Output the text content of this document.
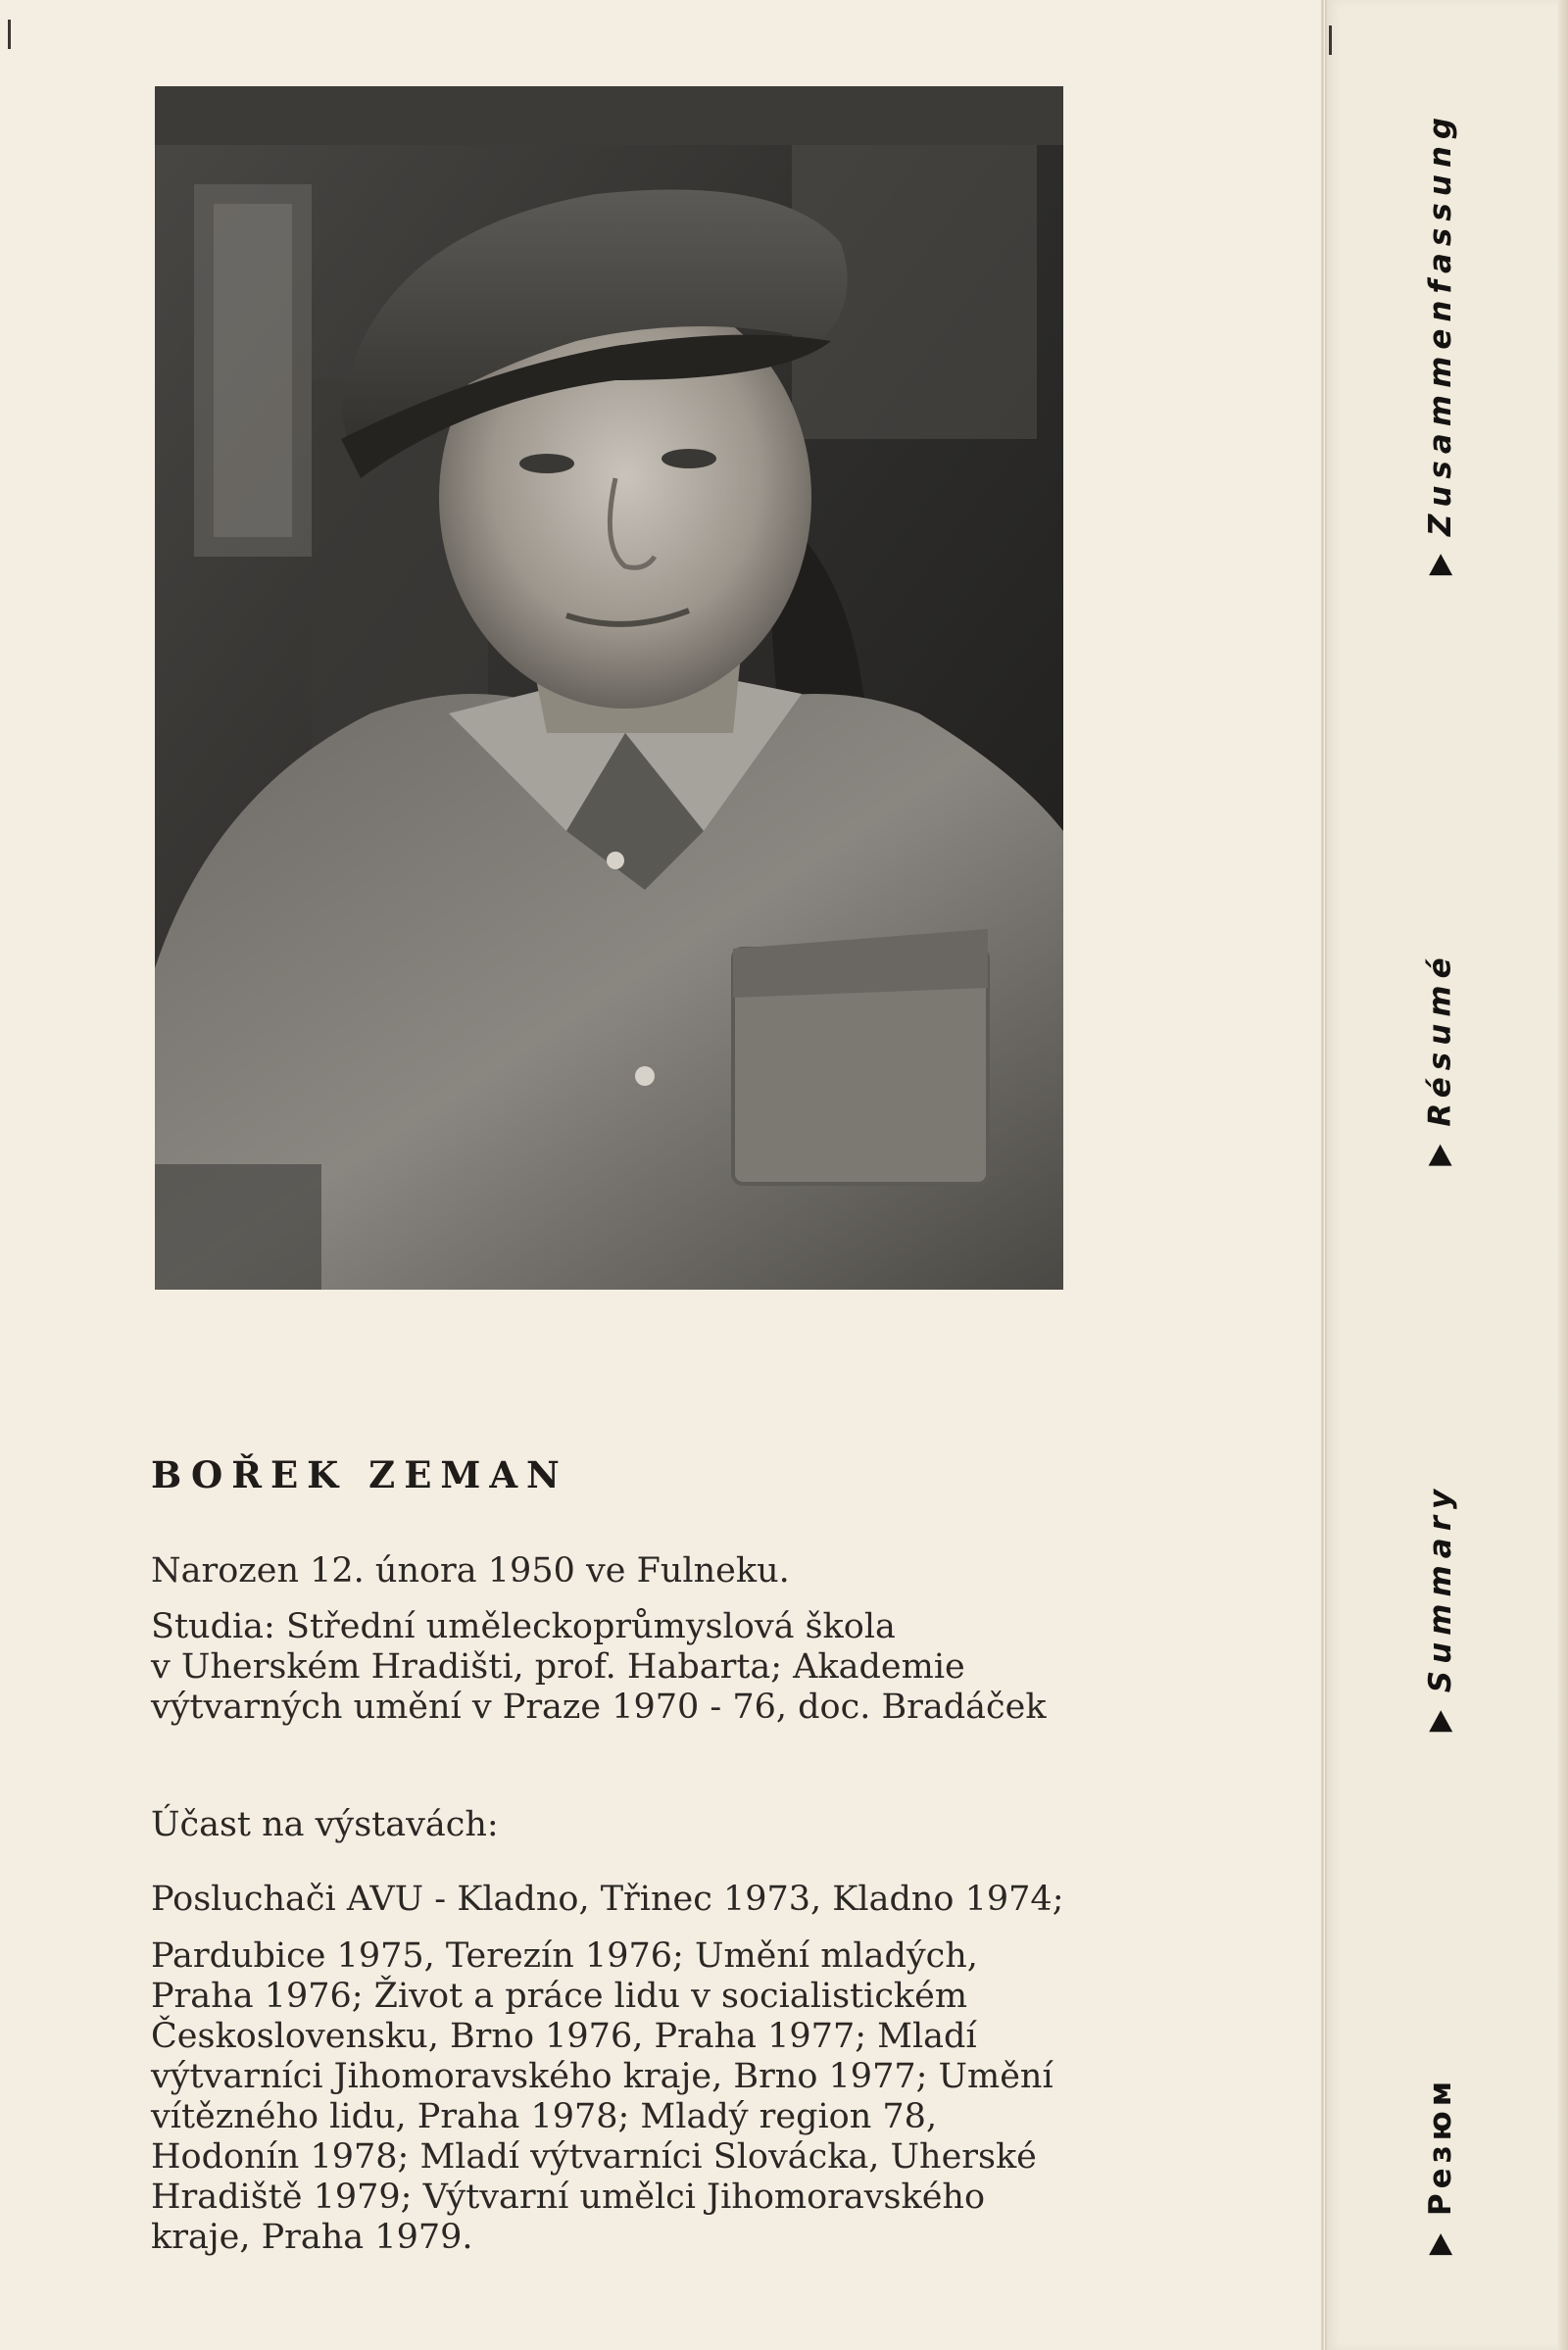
BOŘEK ZEMAN
Narozen 12. února 1950 ve Fulneku.
Studia: Střední uměleckoprůmyslová škola
v Uherském Hradišti, prof. Habarta; Akademie
výtvarných umění v Praze 1970 - 76, doc. Bradáček
Účast na výstavách:
Posluchači AVU - Kladno, Třinec 1973, Kladno 1974;
Pardubice 1975, Terezín 1976; Umění mladých,
Praha 1976; Život a práce lidu v socialistickém
Československu, Brno 1976, Praha 1977; Mladí
výtvarníci Jihomoravského kraje, Brno 1977; Umění
vítězného lidu, Praha 1978; Mladý region 78,
Hodonín 1978; Mladí výtvarníci Slovácka, Uherské
Hradiště 1979; Výtvarní umělci Jihomoravského
kraje, Praha 1979.
Zusammenfassung
Résumé
Summary
Резюм
